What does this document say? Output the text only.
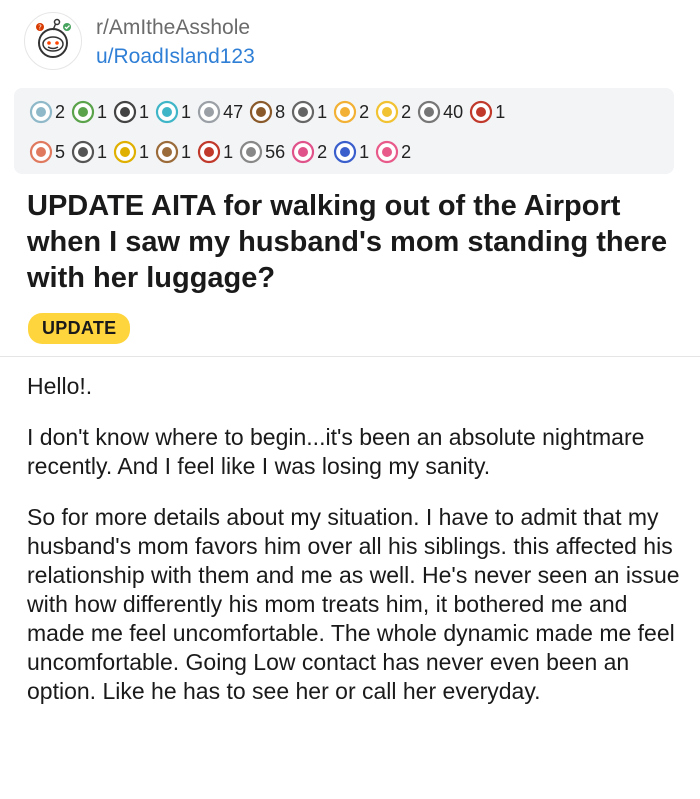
?	r/AmItheAsshole
u/RoadIsland123
2 1 1 1 47 8 1 2 2 40 1
5 1 1 1 1 56 2 1 2
UPDATE AITA for walking out of the Airport when I saw my husband's mom standing there with her luggage?
UPDATE

Hello!.

I don't know where to begin...it's been an absolute nightmare recently. And I feel like I was losing my sanity.

So for more details about my situation. I have to admit that my husband's mom favors him over all his siblings. this affected his relationship with them and me as well. He's never seen an issue with how differently his mom treats him, it bothered me and made me feel uncomfortable. The whole dynamic made me feel uncomfortable. Going Low contact has never even been an option. Like he has to see her or call her everyday.
